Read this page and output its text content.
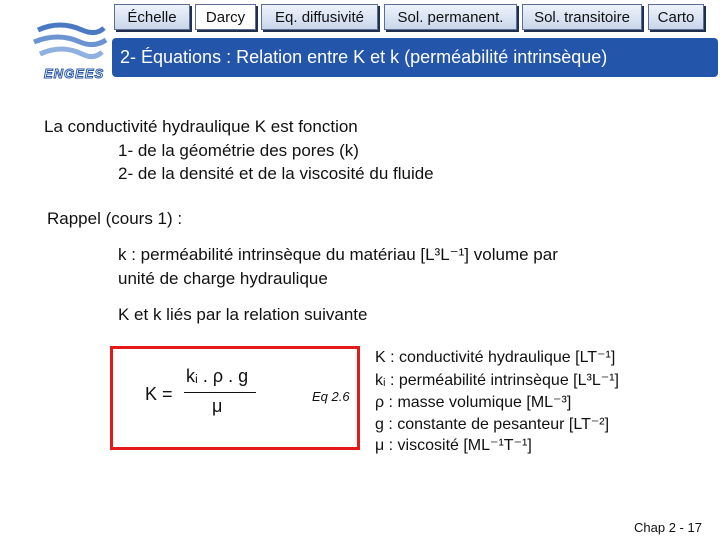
ENGEES
Échelle	Darcy	Eq. diffusivité	Sol. permanent.	Sol. transitoire	Carto
2- Équations : Relation entre K et k (perméabilité intrinsèque)
La conductivité hydraulique K est fonction
1- de la géométrie des pores (k)
2- de la densité et de la viscosité du fluide
Rappel (cours 1) :
k : perméabilité intrinsèque du matériau [L³L⁻¹] volume par
unité de charge hydraulique
K et k liés par la relation suivante
K =
kᵢ . ρ . g
μ	Eq 2.6
K : conductivité hydraulique [LT⁻¹]
kᵢ : perméabilité intrinsèque [L³L⁻¹]
ρ : masse volumique [ML⁻³]
g : constante de pesanteur [LT⁻²]
μ : viscosité [ML⁻¹T⁻¹]
Chap 2 - 17
